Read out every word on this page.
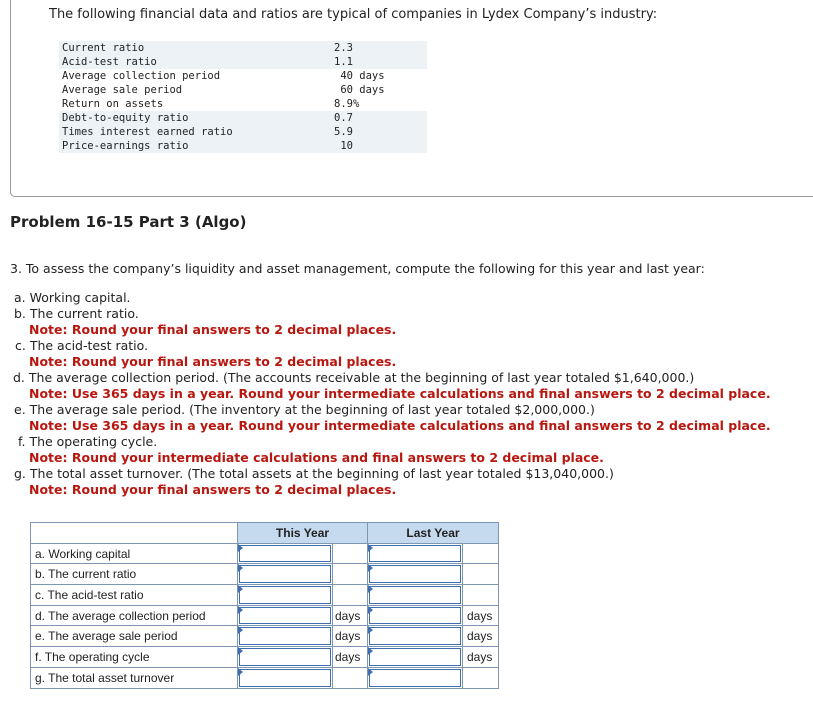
The following financial data and ratios are typical of companies in Lydex Company’s industry:
Current ratio	2.3
Acid-test ratio	1.1
Average collection period	40 days
Average sale period	60 days
Return on assets	8.9%
Debt-to-equity ratio	0.7
Times interest earned ratio	5.9
Price-earnings ratio	10
Problem 16-15 Part 3 (Algo)
3. To assess the company’s liquidity and asset management, compute the following for this year and last year:
a. Working capital.
b. The current ratio.
Note: Round your final answers to 2 decimal places.
c. The acid-test ratio.
Note: Round your final answers to 2 decimal places.
d. The average collection period. (The accounts receivable at the beginning of last year totaled $1,640,000.)
Note: Use 365 days in a year. Round your intermediate calculations and final answers to 2 decimal place.
e. The average sale period. (The inventory at the beginning of last year totaled $2,000,000.)
Note: Use 365 days in a year. Round your intermediate calculations and final answers to 2 decimal place.
f. The operating cycle.
Note: Round your intermediate calculations and final answers to 2 decimal place.
g. The total asset turnover. (The total assets at the beginning of last year totaled $13,040,000.)
Note: Round your final answers to 2 decimal places.
	This Year		Last Year	
a. Working capital	

b. The current ratio	

c. The acid-test ratio	

d. The average collection period		days		days
e. The average sale period		days		days
f. The operating cycle		days		days
g. The total asset turnover	
